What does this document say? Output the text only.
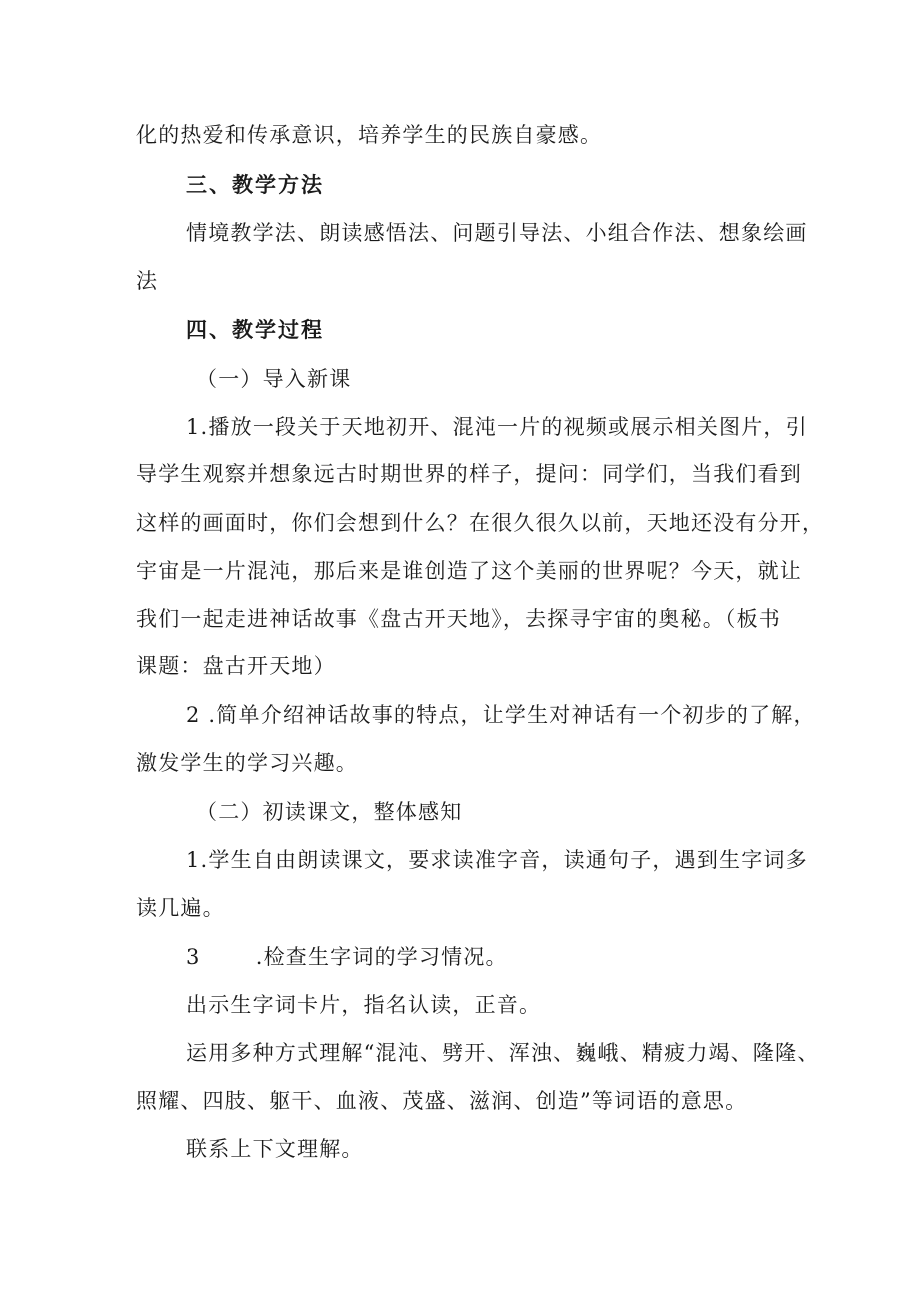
化的热爱和传承意识，培养学生的民族自豪感。
三、教学方法
情境教学法、朗读感悟法、问题引导法、小组合作法、想象绘画
法
四、教学过程
（一）导入新课
1.播放一段关于天地初开、混沌一片的视频或展示相关图片，引
导学生观察并想象远古时期世界的样子，提问：同学们，当我们看到
这样的画面时，你们会想到什么？在很久很久以前，天地还没有分开，
宇宙是一片混沌，那后来是谁创造了这个美丽的世界呢？今天，就让
我们一起走进神话故事《盘古开天地》，去探寻宇宙的奥秘。（板书
课题：盘古开天地）
2 .简单介绍神话故事的特点，让学生对神话有一个初步的了解，
激发学生的学习兴趣。
（二）初读课文，整体感知
1.学生自由朗读课文，要求读准字音，读通句子，遇到生字词多
读几遍。
3       .检查生字词的学习情况。
出示生字词卡片，指名认读，正音。
运用多种方式理解“混沌、劈开、浑浊、巍峨、精疲力竭、隆隆、
照耀、四肢、躯干、血液、茂盛、滋润、创造”等词语的意思。
联系上下文理解。
